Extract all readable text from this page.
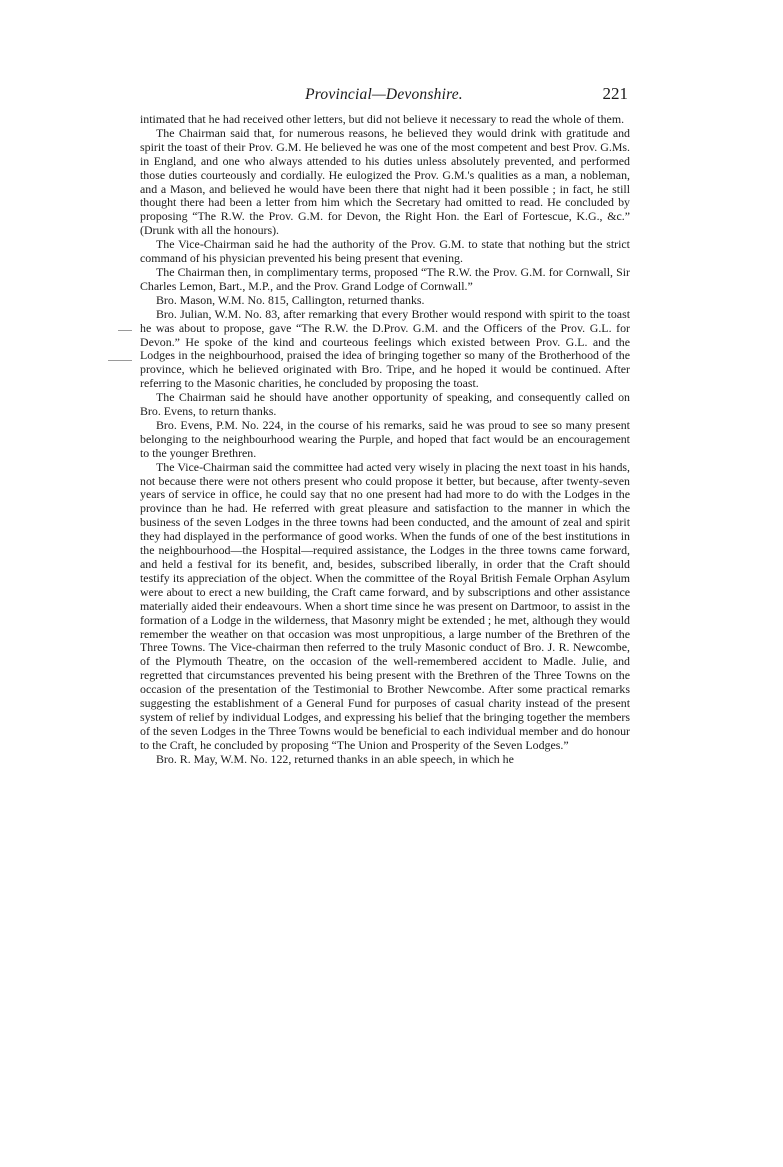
Provincial—Devonshire.	221

intimated that he had received other letters, but did not believe it necessary to read the whole of them.

The Chairman said that, for numerous reasons, he believed they would drink with gratitude and spirit the toast of their Prov. G.M. He believed he was one of the most competent and best Prov. G.Ms. in England, and one who always attended to his duties unless absolutely prevented, and performed those duties courteously and cordially. He eulogized the Prov. G.M.'s qualities as a man, a nobleman, and a Mason, and believed he would have been there that night had it been possible ; in fact, he still thought there had been a letter from him which the Secretary had omitted to read. He concluded by proposing “The R.W. the Prov. G.M. for Devon, the Right Hon. the Earl of Fortescue, K.G., &c.” (Drunk with all the honours).

The Vice-Chairman said he had the authority of the Prov. G.M. to state that nothing but the strict command of his physician prevented his being present that evening.

The Chairman then, in complimentary terms, proposed “The R.W. the Prov. G.M. for Cornwall, Sir Charles Lemon, Bart., M.P., and the Prov. Grand Lodge of Cornwall.”

Bro. Mason, W.M. No. 815, Callington, returned thanks.

Bro. Julian, W.M. No. 83, after remarking that every Brother would respond with spirit to the toast he was about to propose, gave “The R.W. the D.Prov. G.M. and the Officers of the Prov. G.L. for Devon.” He spoke of the kind and courteous feelings which existed between Prov. G.L. and the Lodges in the neighbourhood, praised the idea of bringing together so many of the Brotherhood of the province, which he believed originated with Bro. Tripe, and he hoped it would be continued. After referring to the Masonic charities, he concluded by proposing the toast.

The Chairman said he should have another opportunity of speaking, and consequently called on Bro. Evens, to return thanks.

Bro. Evens, P.M. No. 224, in the course of his remarks, said he was proud to see so many present belonging to the neighbourhood wearing the Purple, and hoped that fact would be an encouragement to the younger Brethren.

The Vice-Chairman said the committee had acted very wisely in placing the next toast in his hands, not because there were not others present who could propose it better, but because, after twenty-seven years of service in office, he could say that no one present had had more to do with the Lodges in the province than he had. He referred with great pleasure and satisfaction to the manner in which the business of the seven Lodges in the three towns had been conducted, and the amount of zeal and spirit they had displayed in the performance of good works. When the funds of one of the best institutions in the neighbourhood—the Hospital—required assistance, the Lodges in the three towns came forward, and held a festival for its benefit, and, besides, subscribed liberally, in order that the Craft should testify its appreciation of the object. When the committee of the Royal British Female Orphan Asylum were about to erect a new building, the Craft came forward, and by subscriptions and other assistance materially aided their endeavours. When a short time since he was present on Dartmoor, to assist in the formation of a Lodge in the wilderness, that Masonry might be extended ; he met, although they would remember the weather on that occasion was most unpropitious, a large number of the Brethren of the Three Towns. The Vice-chairman then referred to the truly Masonic conduct of Bro. J. R. Newcombe, of the Plymouth Theatre, on the occasion of the well-remembered accident to Madle. Julie, and regretted that circumstances prevented his being present with the Brethren of the Three Towns on the occasion of the presentation of the Testimonial to Brother Newcombe. After some practical remarks suggesting the establishment of a General Fund for purposes of casual charity instead of the present system of relief by individual Lodges, and expressing his belief that the bringing together the members of the seven Lodges in the Three Towns would be beneficial to each individual member and do honour to the Craft, he concluded by proposing “The Union and Prosperity of the Seven Lodges.”

Bro. R. May, W.M. No. 122, returned thanks in an able speech, in which he
